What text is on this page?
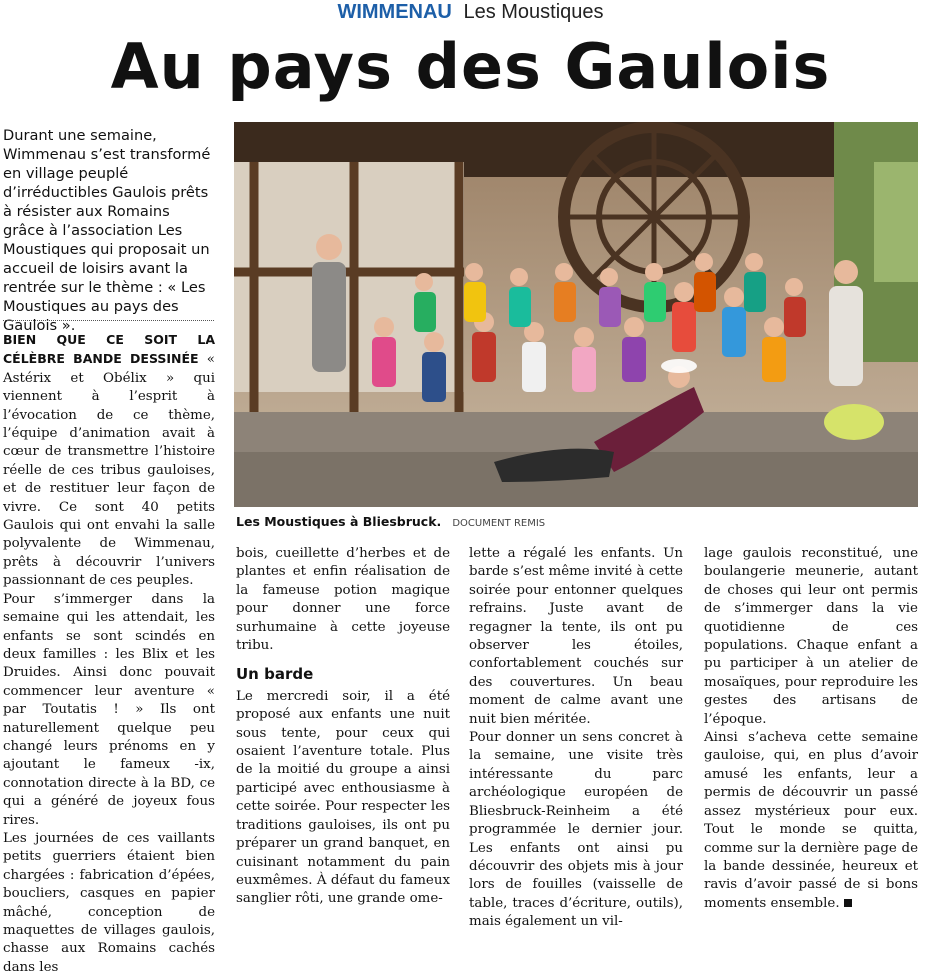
WIMMENAU Les Moustiques
Au pays des Gaulois
Durant une semaine, Wimmenau s’est transformé en village peuplé d’irréductibles Gaulois prêts à résister aux Romains grâce à l’association Les Moustiques qui proposait un accueil de loisirs avant la rentrée sur le thème : « Les Moustiques au pays des Gaulois ».

BIEN QUE CE SOIT LA CÉLÈBRE BANDE DESSINÉE « Astérix et Obélix » qui viennent à l’esprit à l’évocation de ce thème, l’équipe d’animation avait à cœur de transmettre l’histoire réelle de ces tribus gauloises, et de restituer leur façon de vivre. Ce sont 40 petits Gaulois qui ont envahi la salle polyvalente de Wimmenau, prêts à découvrir l’univers passionnant de ces peuples.

Pour s’immerger dans la semaine qui les attendait, les enfants se sont scindés en deux familles : les Blix et les Druides. Ainsi donc pouvait commencer leur aventure « par Toutatis ! » Ils ont naturellement quelque peu changé leurs prénoms en y ajoutant le fameux -ix, connotation directe à la BD, ce qui a généré de joyeux fous rires.

Les journées de ces vaillants petits guerriers étaient bien chargées : fabrication d’épées, boucliers, casques en papier mâché, conception de maquettes de villages gaulois, chasse aux Romains cachés dans les

Les Moustiques à Bliesbruck. DOCUMENT REMIS

bois, cueillette d’herbes et de plantes et enfin réalisation de la fameuse potion magique pour donner une force surhumaine à cette joyeuse tribu.

Un barde

Le mercredi soir, il a été proposé aux enfants une nuit sous tente, pour ceux qui osaient l’aventure totale. Plus de la moitié du groupe a ainsi participé avec enthousiasme à cette soirée. Pour respecter les traditions gauloises, ils ont pu préparer un grand banquet, en cuisinant notamment du pain euxmêmes. À défaut du fameux sanglier rôti, une grande ome-

lette a régalé les enfants. Un barde s’est même invité à cette soirée pour entonner quelques refrains. Juste avant de regagner la tente, ils ont pu observer les étoiles, confortablement couchés sur des couvertures. Un beau moment de calme avant une nuit bien méritée.

Pour donner un sens concret à la semaine, une visite très intéressante du parc archéologique européen de Bliesbruck-Reinheim a été programmée le dernier jour. Les enfants ont ainsi pu découvrir des objets mis à jour lors de fouilles (vaisselle de table, traces d’écriture, outils), mais également un vil-

lage gaulois reconstitué, une boulangerie meunerie, autant de choses qui leur ont permis de s’immerger dans la vie quotidienne de ces populations. Chaque enfant a pu participer à un atelier de mosaïques, pour reproduire les gestes des artisans de l’époque.

Ainsi s’acheva cette semaine gauloise, qui, en plus d’avoir amusé les enfants, leur a permis de découvrir un passé assez mystérieux pour eux. Tout le monde se quitta, comme sur la dernière page de la bande dessinée, heureux et ravis d’avoir passé de si bons moments ensemble.
